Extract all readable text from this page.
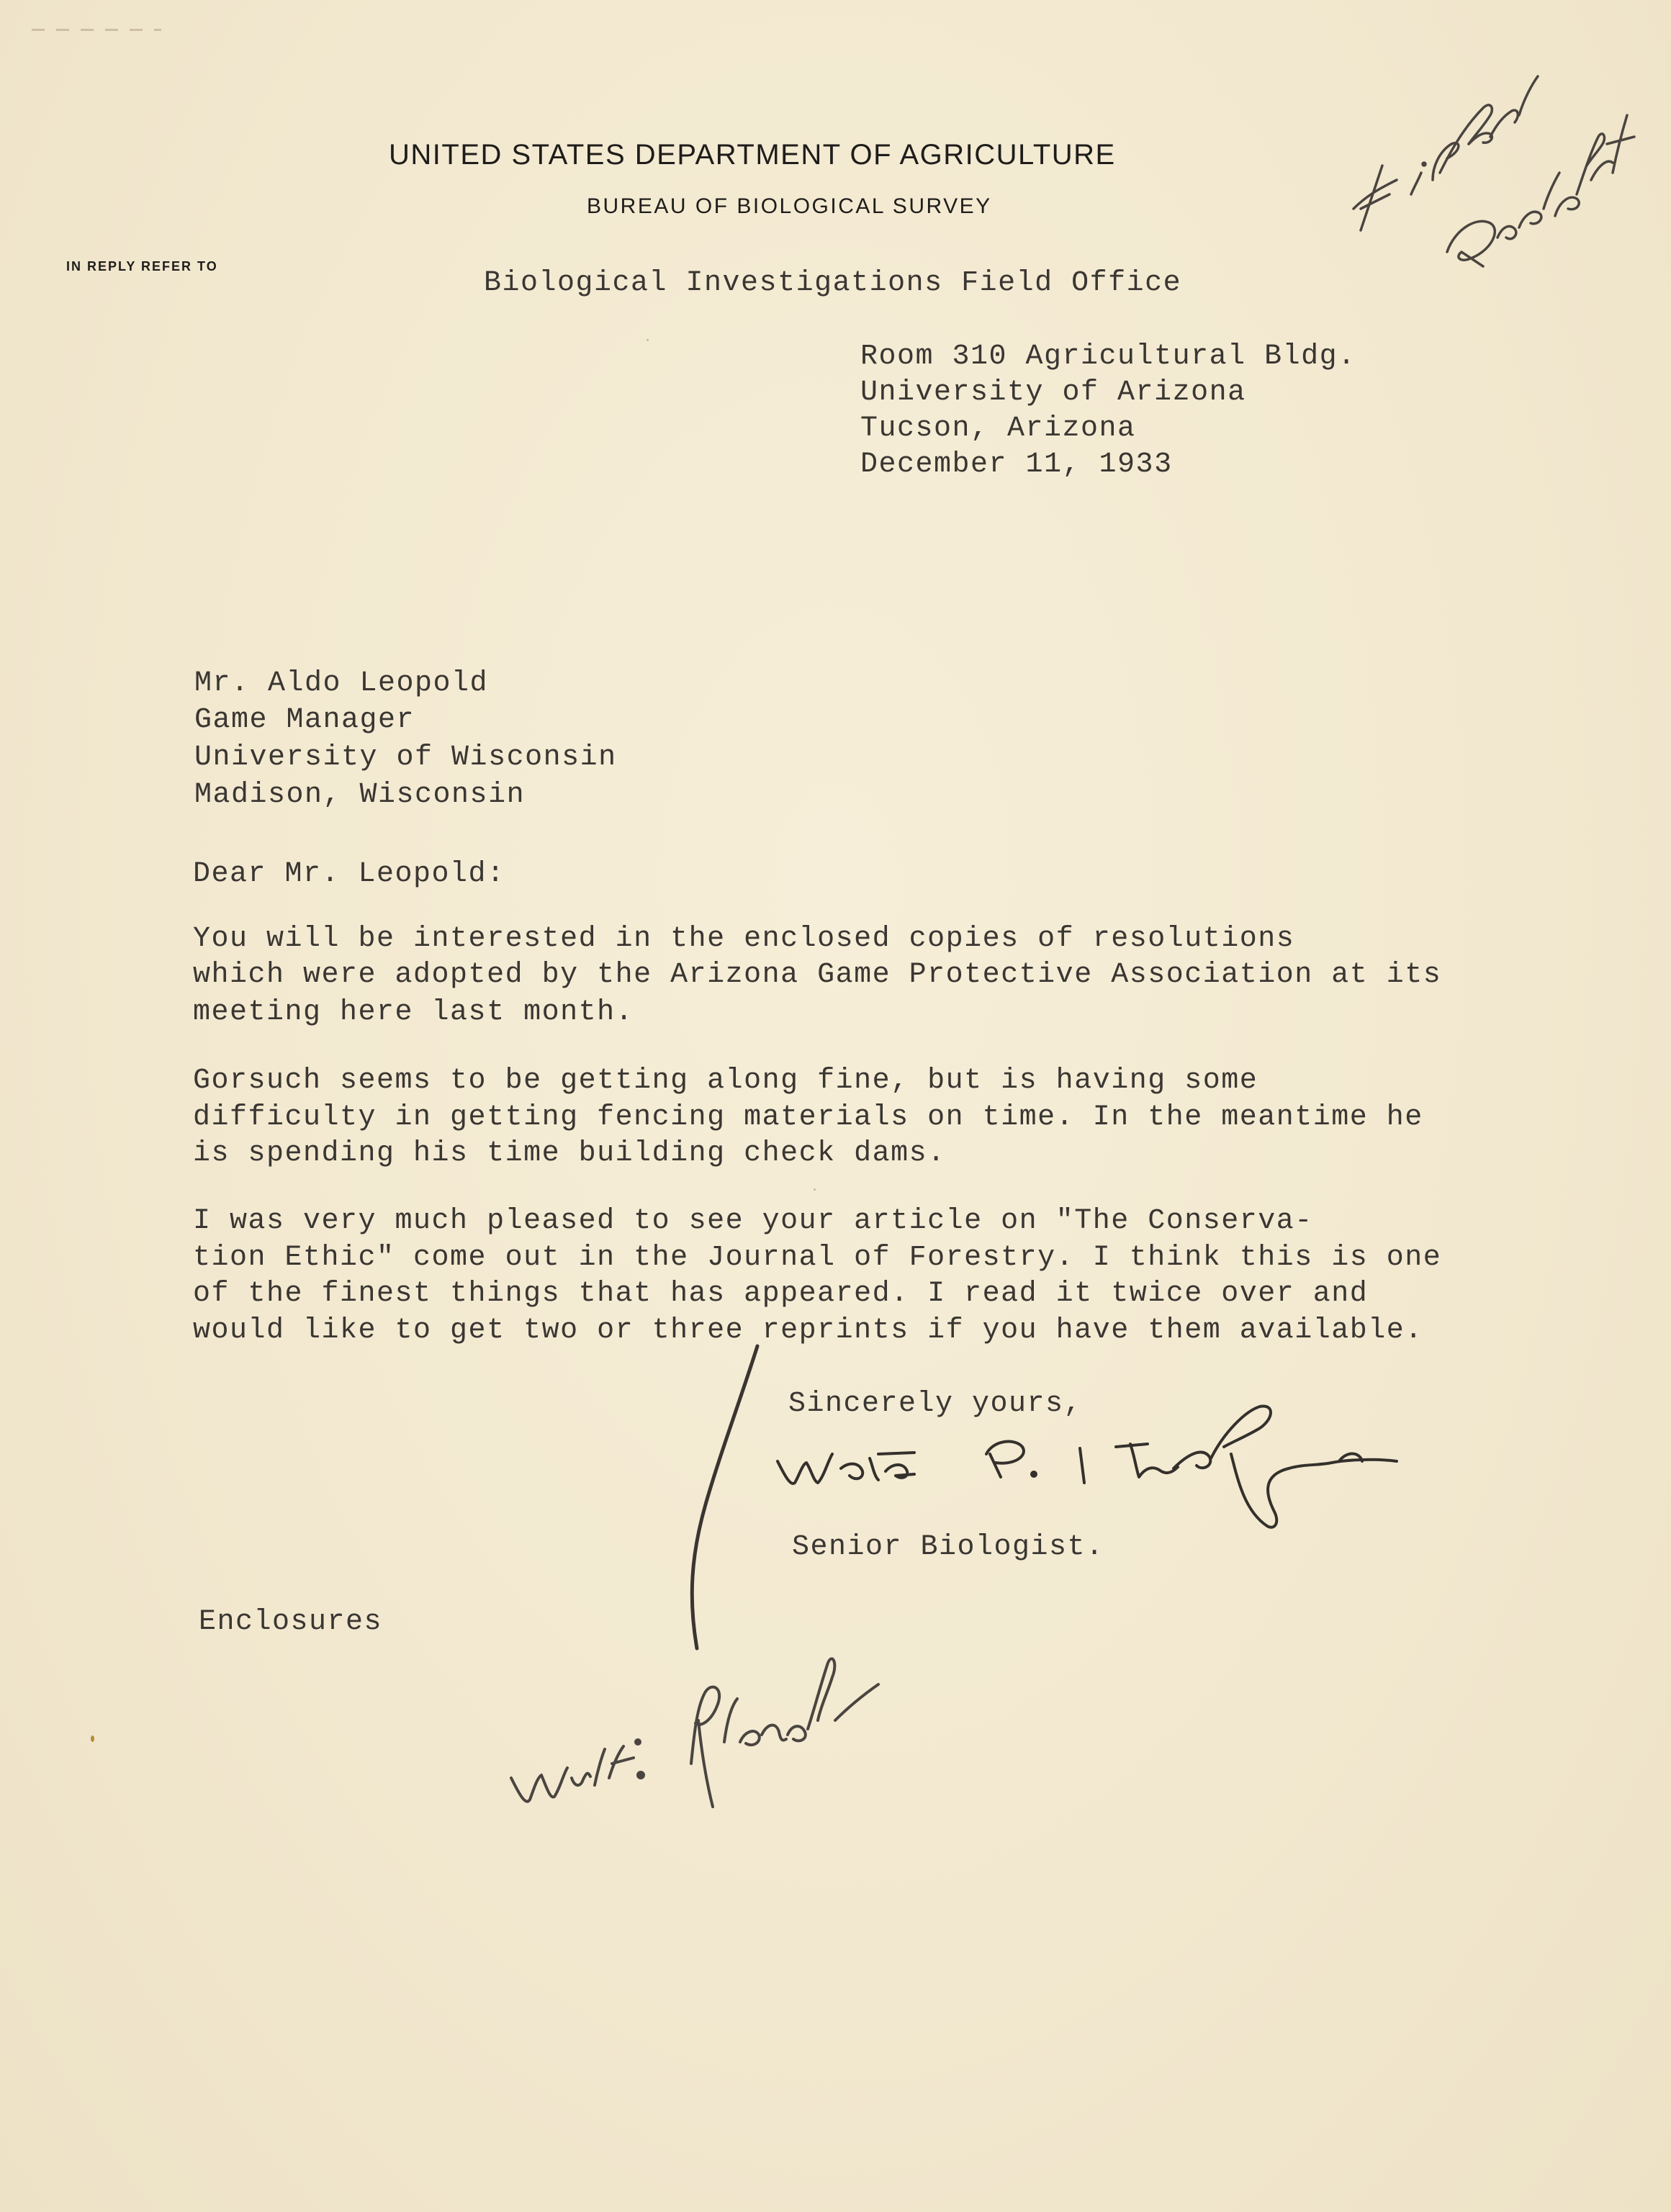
UNITED STATES DEPARTMENT OF AGRICULTURE
BUREAU OF BIOLOGICAL SURVEY
IN REPLY REFER TO
Biological Investigations Field Office
Room 310 Agricultural Bldg.
University of Arizona
Tucson, Arizona
December 11, 1933
Mr. Aldo Leopold
Game Manager
University of Wisconsin
Madison, Wisconsin
Dear Mr. Leopold:
You will be interested in the enclosed copies of resolutions
which were adopted by the Arizona Game Protective Association at its
meeting here last month.
Gorsuch seems to be getting along fine, but is having some
difficulty in getting fencing materials on time. In the meantime he
is spending his time building check dams.
I was very much pleased to see your article on "The Conserva-
tion Ethic" come out in the Journal of Forestry. I think this is one
of the finest things that has appeared. I read it twice over and
would like to get two or three reprints if you have them available.
Sincerely yours,
Senior Biologist.
Enclosures
